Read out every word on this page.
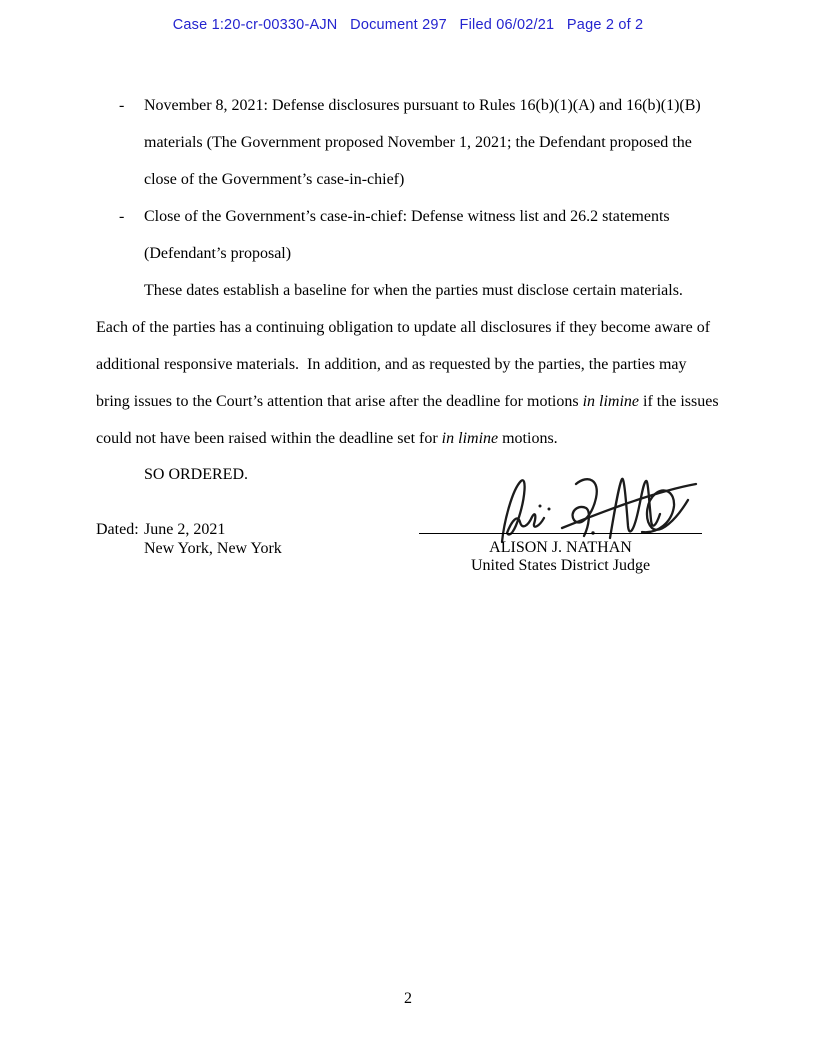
Case 1:20-cr-00330-AJN   Document 297   Filed 06/02/21   Page 2 of 2
- November 8, 2021: Defense disclosures pursuant to Rules 16(b)(1)(A) and 16(b)(1)(B)
materials (The Government proposed November 1, 2021; the Defendant proposed the
close of the Government’s case-in-chief)
- Close of the Government’s case-in-chief: Defense witness list and 26.2 statements
(Defendant’s proposal)
These dates establish a baseline for when the parties must disclose certain materials.
Each of the parties has a continuing obligation to update all disclosures if they become aware of
additional responsive materials.  In addition, and as requested by the parties, the parties may
bring issues to the Court’s attention that arise after the deadline for motions in limine if the issues
could not have been raised within the deadline set for in limine motions.
SO ORDERED.

ALISON J. NATHAN
United States District Judge
Dated: June 2, 2021
New York, New York
2
